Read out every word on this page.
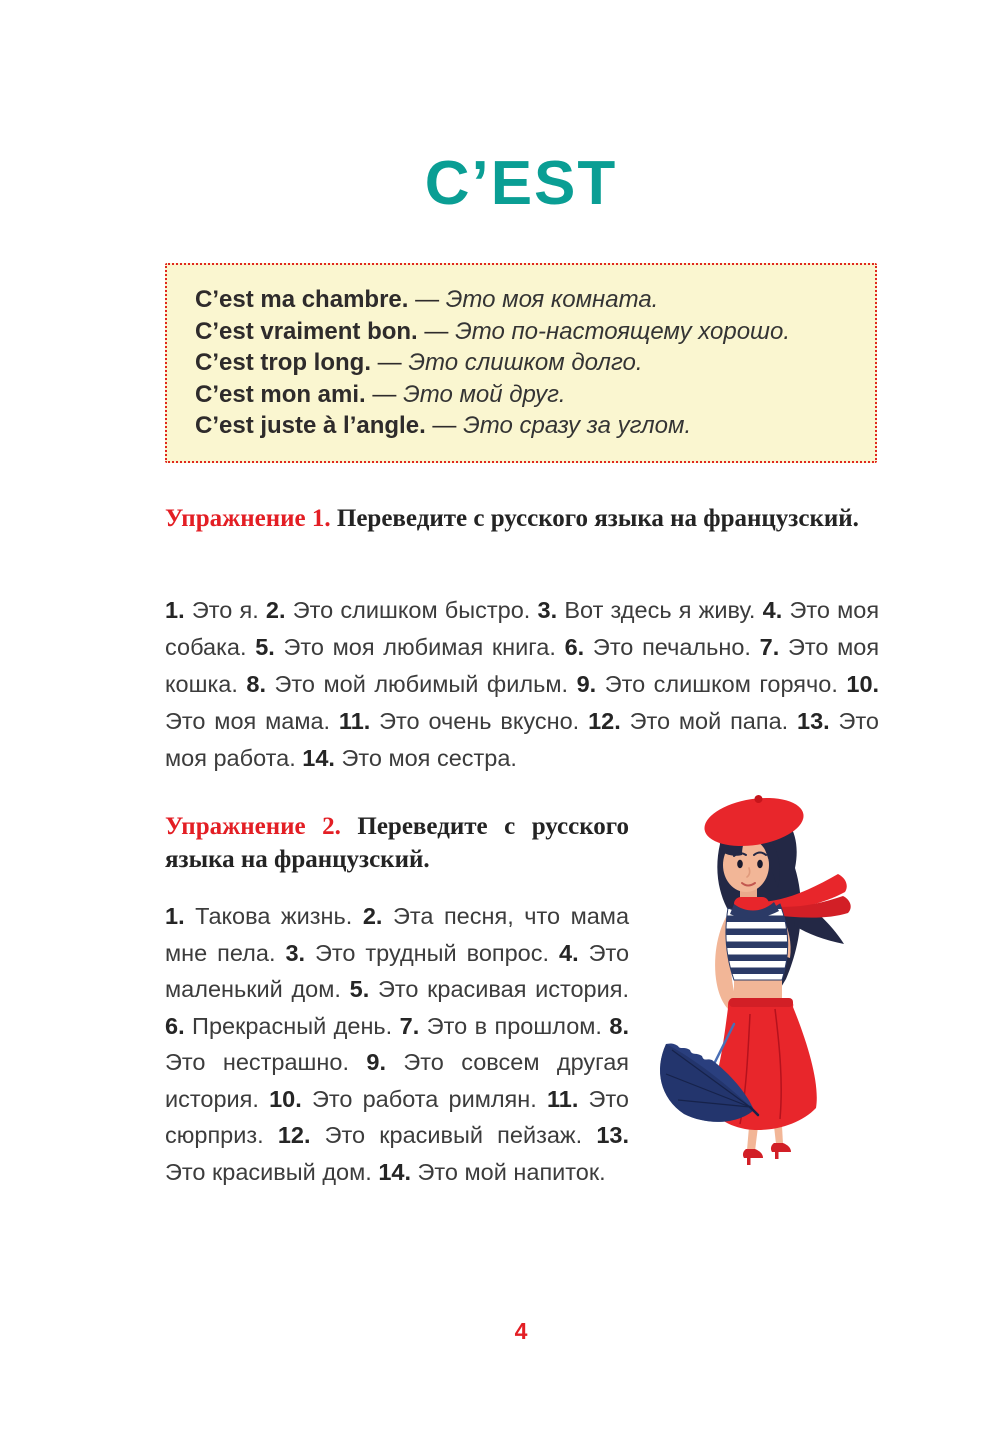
C’EST
C’est ma chambre. — Это моя комната.
C’est vraiment bon. — Это по-настоящему хорошо.
C’est trop long. — Это слишком долго.
C’est mon ami. — Это мой друг.
C’est juste à l’angle. — Это сразу за углом.

Упражнение 1. Переведите с русского языка на французский.

1. Это я. 2. Это слишком быстро. 3. Вот здесь я живу. 4. Это моя собака. 5. Это моя любимая книга. 6. Это печально. 7. Это моя кошка. 8. Это мой любимый фильм. 9. Это слишком горячо. 10. Это моя мама. 11. Это очень вкусно. 12. Это мой папа. 13. Это моя работа. 14. Это моя сестра.

Упражнение 2. Переведите с русского языка на французский.

1. Такова жизнь. 2. Эта песня, что мама мне пела. 3. Это трудный вопрос. 4. Это маленький дом. 5. Это красивая история. 6. Прекрасный день. 7. Это в прошлом. 8. Это нестрашно. 9. Это совсем другая история. 10. Это работа римлян. 11. Это сюрприз. 12. Это красивый пейзаж. 13. Это красивый дом. 14. Это мой напиток.

4
